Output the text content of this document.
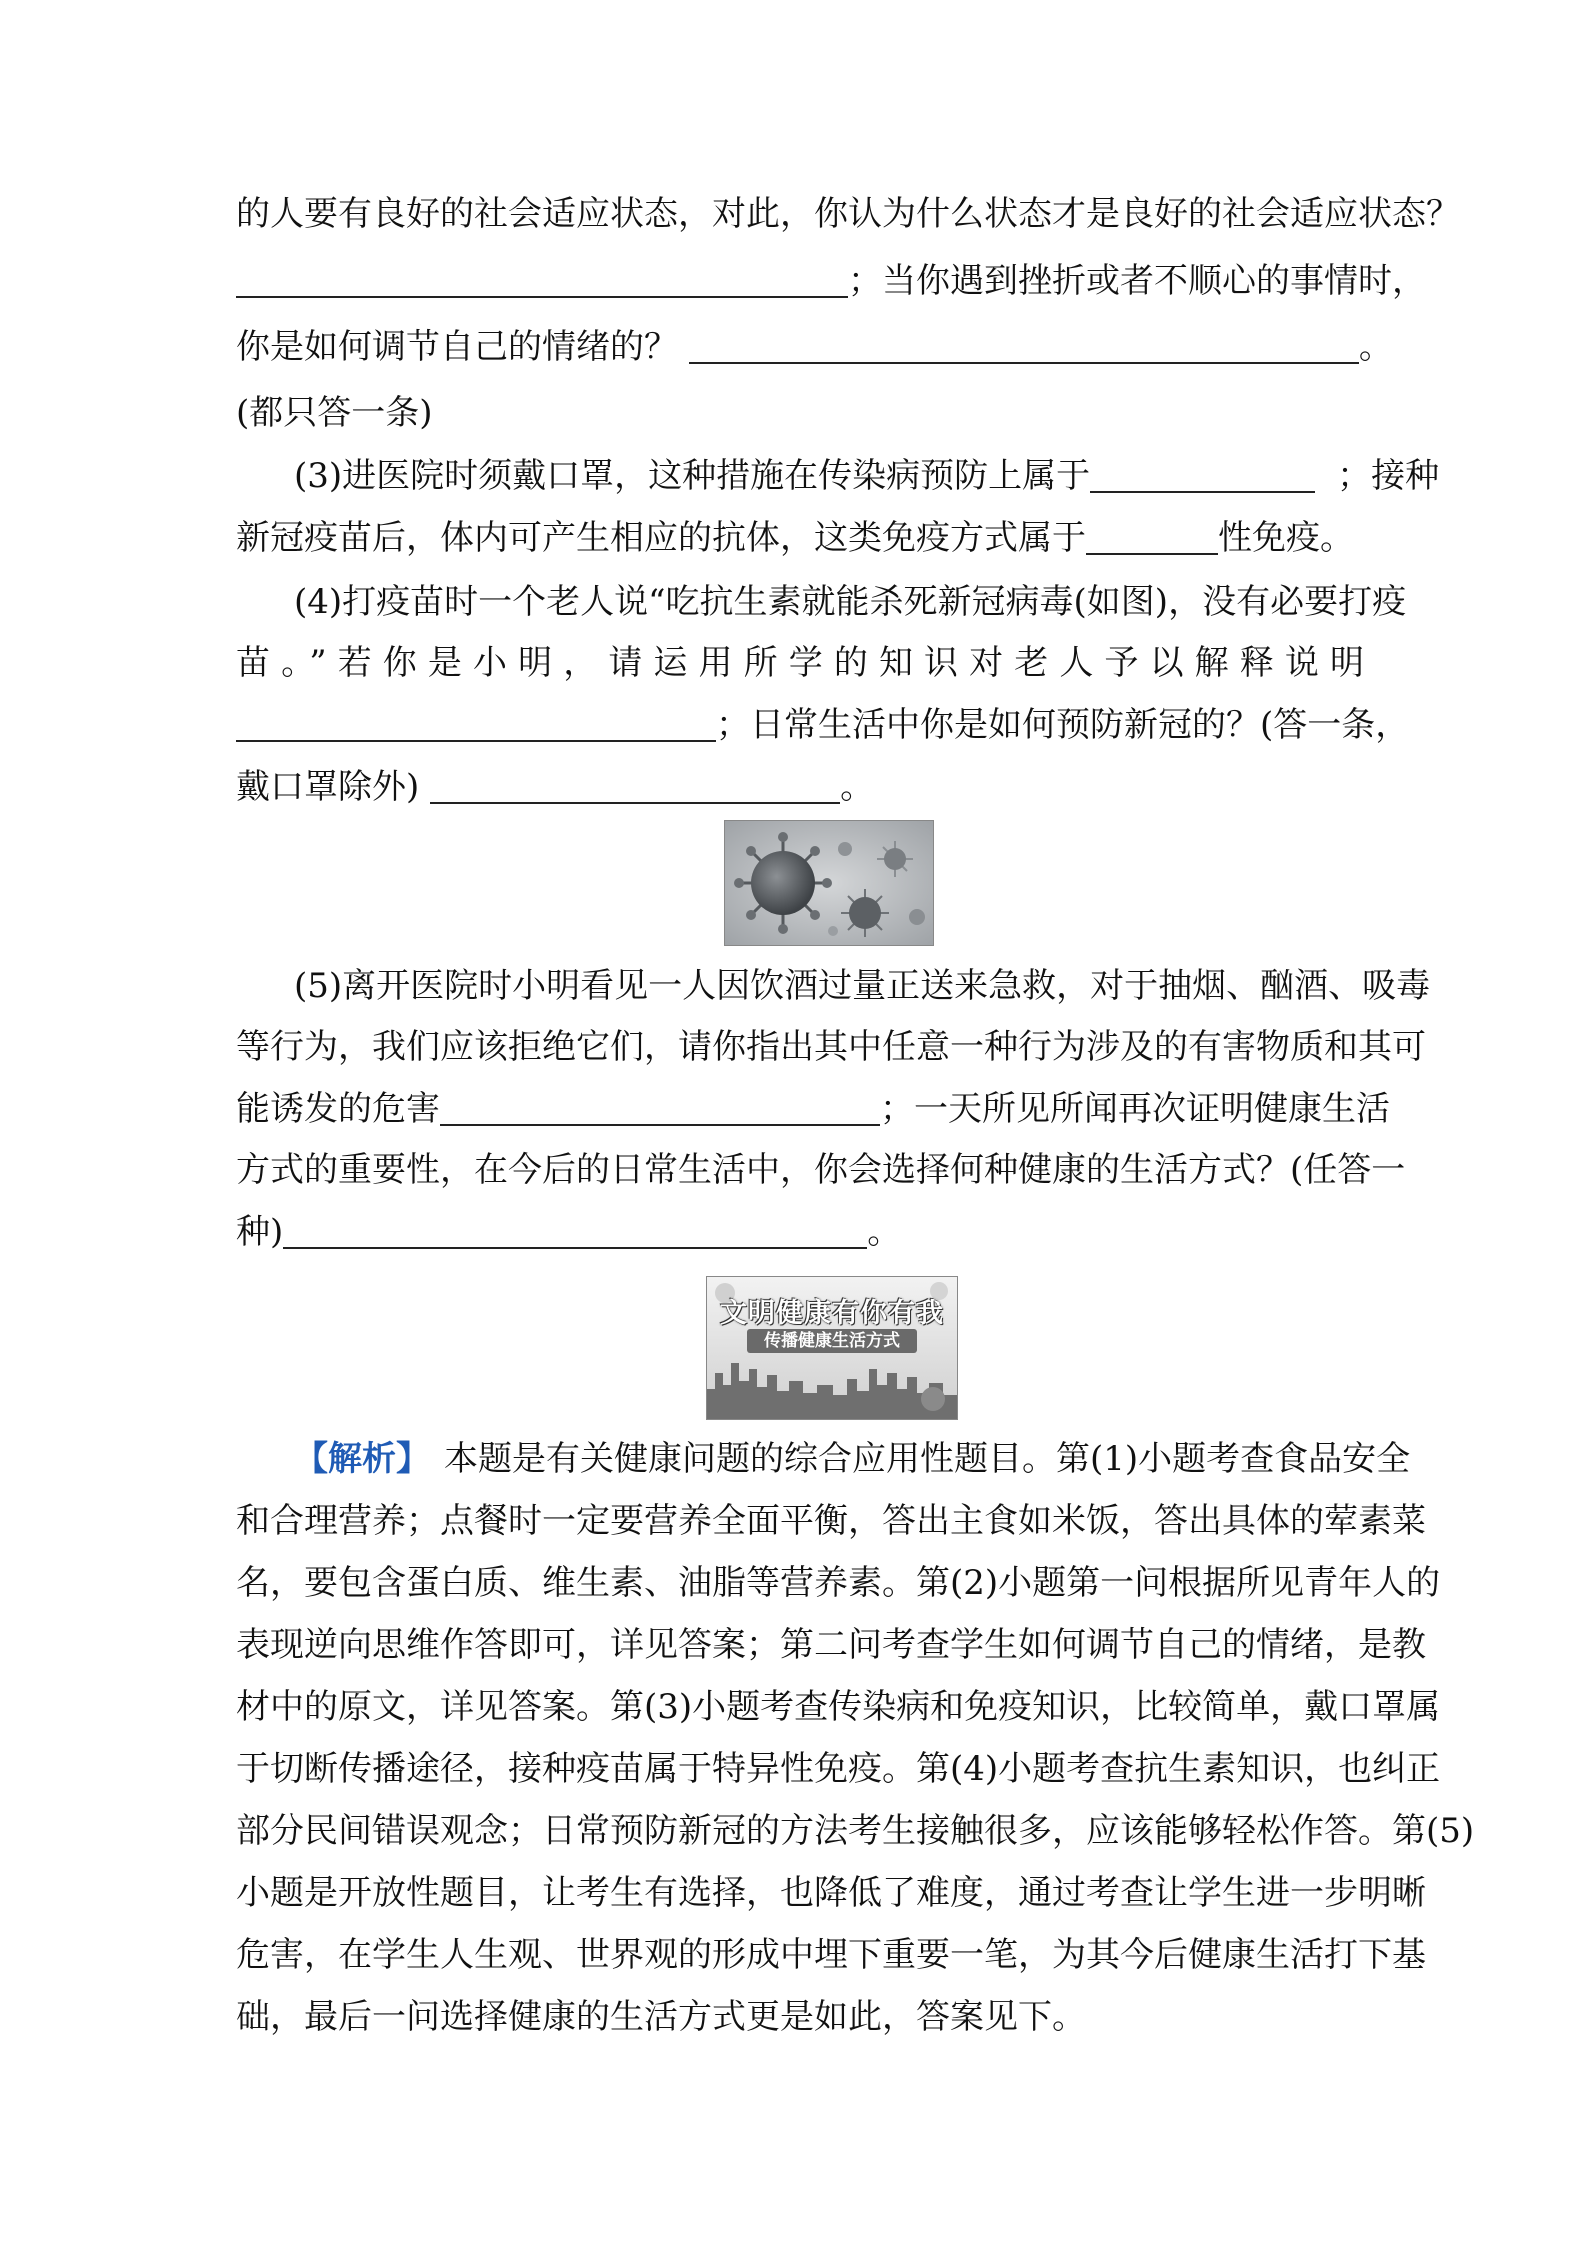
的人要有良好的社会适应状态，对此，你认为什么状态才是良好的社会适应状态？
；当你遇到挫折或者不顺心的事情时，
你是如何调节自己的情绪的？	。
(都只答一条)
(3)进医院时须戴口罩，这种措施在传染病预防上属于	；接种
新冠疫苗后，体内可产生相应的抗体，这类免疫方式属于	性免疫。
(4)打疫苗时一个老人说“吃抗生素就能杀死新冠病毒(如图)，没有必要打疫
苗。”若你是小明，请运用所学的知识对老人予以解释说明
；日常生活中你是如何预防新冠的？(答一条，
戴口罩除外)	。
(5)离开医院时小明看见一人因饮酒过量正送来急救，对于抽烟、酗酒、吸毒
等行为，我们应该拒绝它们，请你指出其中任意一种行为涉及的有害物质和其可
能诱发的危害	；一天所见所闻再次证明健康生活
方式的重要性，在今后的日常生活中，你会选择何种健康的生活方式？(任答一
种)	。
文明健康有你有我
传播健康生活方式
【解析】 本题是有关健康问题的综合应用性题目。第(1)小题考查食品安全
和合理营养；点餐时一定要营养全面平衡，答出主食如米饭，答出具体的荤素菜
名，要包含蛋白质、维生素、油脂等营养素。第(2)小题第一问根据所见青年人的
表现逆向思维作答即可，详见答案；第二问考查学生如何调节自己的情绪，是教
材中的原文，详见答案。第(3)小题考查传染病和免疫知识，比较简单，戴口罩属
于切断传播途径，接种疫苗属于特异性免疫。第(4)小题考查抗生素知识，也纠正
部分民间错误观念；日常预防新冠的方法考生接触很多，应该能够轻松作答。第(5)
小题是开放性题目，让考生有选择，也降低了难度，通过考查让学生进一步明晰
危害，在学生人生观、世界观的形成中埋下重要一笔，为其今后健康生活打下基
础，最后一问选择健康的生活方式更是如此，答案见下。
